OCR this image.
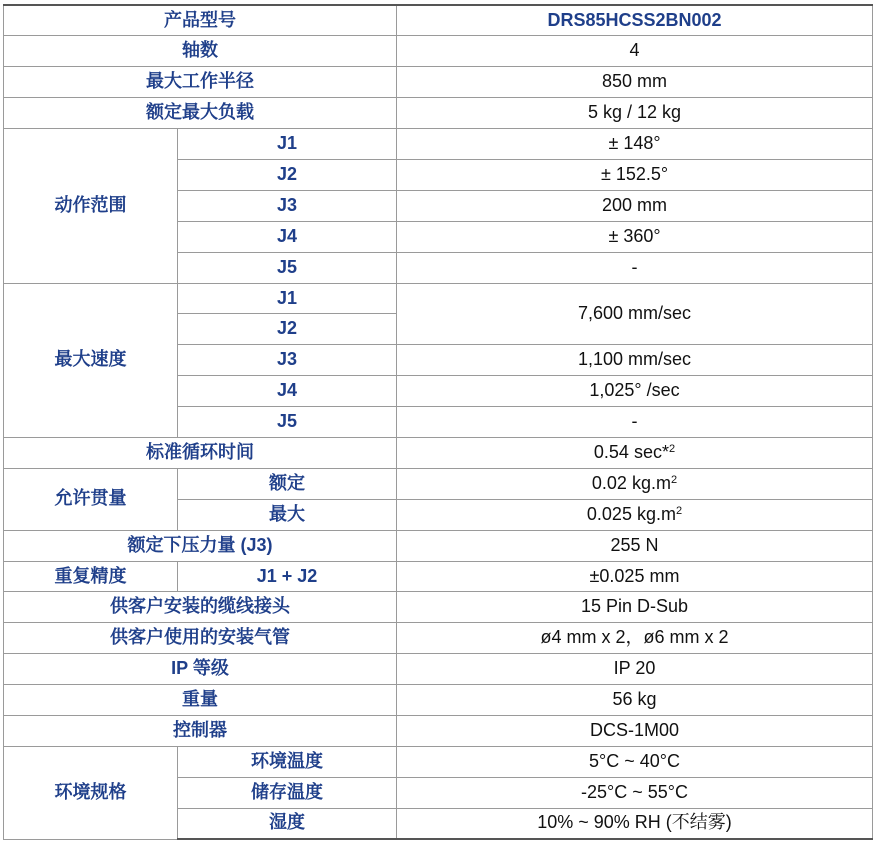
产品型号		DRS85HCSS2BN002
轴数		4
最大工作半径		850 mm
额定最大负载		5 kg / 12 kg
动作范围	J1	± 148°
	J2	± 152.5°
	J3	200 mm
	J4	± 360°
	J5	-
最大速度	J1	7,600 mm/sec
	J2	
	J3	1,100 mm/sec
	J4	1,025° /sec
	J5	-
标准循环时间		0.54 sec*$^2$
允许贯量	额定	0.02 $kg.m^2$
	最大	0.025 $kg.m^2$
额定下压力量 (J3)		255 N
重复精度	J1 + J2	±0.025 mm
供客户安装的缆线接头		15 Pin D-Sub
供客户使用的安装气管		ø4 mm x 2，ø6 mm x 2
IP 等级		IP 20
重量		56 kg
控制器		DCS-1M00
环境规格	环境温度	5°C ~ 40°C
	储存温度	-25°C ~ 55°C
	湿度	10% ~ 90% RH (不结雾)
